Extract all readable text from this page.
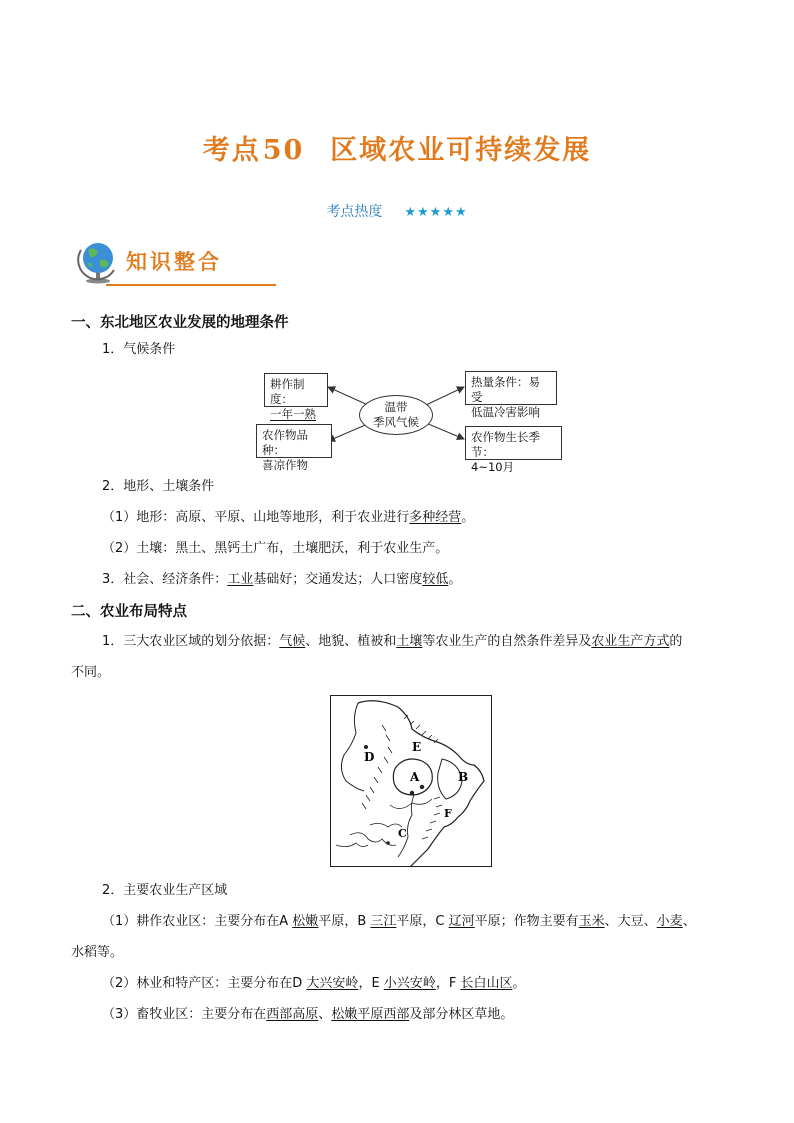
考点50 区域农业可持续发展
考点热度 ★★★★★
知识整合
一、东北地区农业发展的地理条件
1．气候条件
耕作制度：
一年一熟
农作物品种：
喜凉作物
温带
季风气候
热量条件：易受
低温冷害影响
农作物生长季节：
4~10月
2．地形、土壤条件
（1）地形：高原、平原、山地等地形，利于农业进行多种经营。
（2）土壤：黑土、黑钙土广布，土壤肥沃，利于农业生产。
3．社会、经济条件：工业基础好；交通发达；人口密度较低。
二、农业布局特点
1．三大农业区域的划分依据：气候、地貌、植被和土壤等农业生产的自然条件差异及农业生产方式的
不同。
A	B
C
D
E
F
2．主要农业生产区域
（1）耕作农业区：主要分布在A 松嫩平原，B 三江平原，C 辽河平原；作物主要有玉米、大豆、小麦、
水稻等。
（2）林业和特产区：主要分布在D 大兴安岭，E 小兴安岭，F 长白山区。
（3）畜牧业区：主要分布在西部高原、松嫩平原西部及部分林区草地。
